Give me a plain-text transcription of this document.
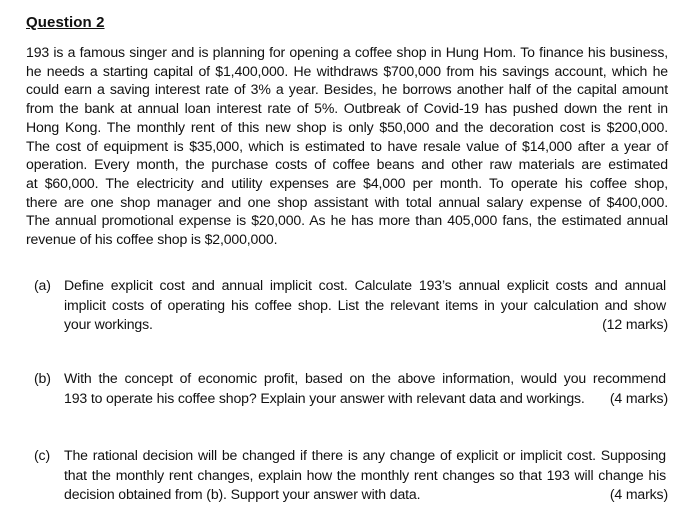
Question 2
193 is a famous singer and is planning for opening a coffee shop in Hung Hom. To finance his business,
he needs a starting capital of $1,400,000. He withdraws $700,000 from his savings account, which he
could earn a saving interest rate of 3% a year. Besides, he borrows another half of the capital amount
from the bank at annual loan interest rate of 5%. Outbreak of Covid-19 has pushed down the rent in
Hong Kong. The monthly rent of this new shop is only $50,000 and the decoration cost is $200,000.
The cost of equipment is $35,000, which is estimated to have resale value of $14,000 after a year of
operation. Every month, the purchase costs of coffee beans and other raw materials are estimated
at $60,000. The electricity and utility expenses are $4,000 per month. To operate his coffee shop,
there are one shop manager and one shop assistant with total annual salary expense of $400,000.
The annual promotional expense is $20,000. As he has more than 405,000 fans, the estimated annual
revenue of his coffee shop is $2,000,000.
(a) Define explicit cost and annual implicit cost. Calculate 193’s annual explicit costs and annual
implicit costs of operating his coffee shop. List the relevant items in your calculation and show
your workings.	(12 marks)
(b) With the concept of economic profit, based on the above information, would you recommend
193 to operate his coffee shop? Explain your answer with relevant data and workings. (4 marks)
(c) The rational decision will be changed if there is any change of explicit or implicit cost. Supposing
that the monthly rent changes, explain how the monthly rent changes so that 193 will change his
decision obtained from (b). Support your answer with data.	(4 marks)
